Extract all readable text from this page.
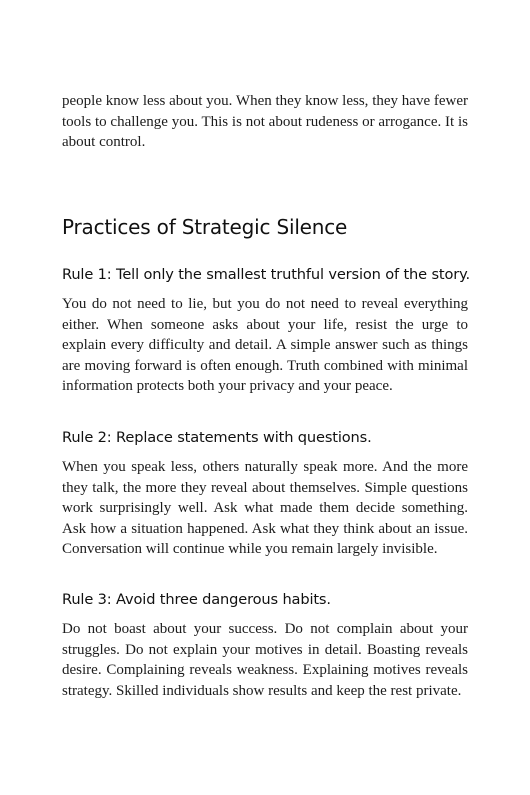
people know less about you. When they know less, they have fewer tools to challenge you. This is not about rudeness or arrogance. It is about control.

Practices of Strategic Silence
Rule 1: Tell only the smallest truthful version of the story.

You do not need to lie, but you do not need to reveal everything either. When someone asks about your life, resist the urge to explain every difficulty and detail. A simple answer such as things are moving forward is often enough. Truth combined with minimal information protects both your privacy and your peace.

Rule 2: Replace statements with questions.

When you speak less, others naturally speak more. And the more they talk, the more they reveal about themselves. Simple questions work surprisingly well. Ask what made them decide something. Ask how a situation happened. Ask what they think about an issue. Conversation will continue while you remain largely invisible.

Rule 3: Avoid three dangerous habits.

Do not boast about your success. Do not complain about your struggles. Do not explain your motives in detail. Boasting reveals desire. Complaining reveals weakness. Explaining motives reveals strategy. Skilled individuals show results and keep the rest private.
